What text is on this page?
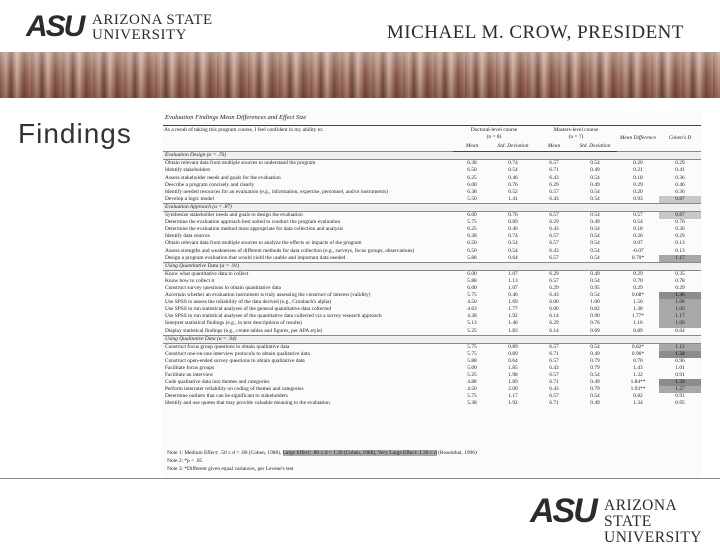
ASU ARIZONA STATE
UNIVERSITY	MICHAEL M. CROW, PRESIDENT
Findings
Evaluation Findings Mean Differences and Effect Size
As a result of taking this program course, I feel confident in my ability to:	Doctoral-level course
(n = 8)		Masters-level course
(n = 7)		Mean Difference	Cohen's D
	Mean	Std. Deviation	Mean	Std. Deviation		
Evaluation Design (α = .76)						
Obtain relevant data from multiple sources to understand the program	6.38	0.74	6.57	0.54	0.20	0.29
Identify stakeholders	6.50	0.54	6.71	0.49	0.21	0.41
Assess stakeholder needs and goals for the evaluation	6.25	0.46	6.43	0.54	0.18	0.36
Describe a program concisely and clearly	6.00	0.76	6.29	0.49	0.29	0.46
Identify needed resources for an evaluation (e.g., information, expertise, personnel, and/or instruments)	6.38	0.52	6.57	0.54	0.20	0.36
Develop a logic model	5.50	1.41	6.43	0.54	0.93	0.87
Evaluation Approach (α = .87)						
Synthesize stakeholder needs and goals to design the evaluation	6.00	0.76	6.57	0.54	0.57	0.87
Determine the evaluation approach best suited to conduct the program evaluation	5.75	0.89	6.29	0.49	0.54	0.76
Determine the evaluation method most appropriate for data collection and analysis	6.25	0.46	6.43	0.54	0.18	0.36
Identify data sources	6.38	0.74	6.57	0.54	0.20	0.29
Obtain relevant data from multiple sources to analyze the effects or impacts of the program	6.50	0.54	6.57	0.54	0.07	0.13
Assess strengths and weaknesses of different methods for data collection (e.g., surveys, focus groups, observations)	6.50	0.54	6.43	0.54	-0.07	0.13
Design a program evaluation that would yield the usable and important data needed	5.88	0.64	6.57	0.54	0.70*	1.17
Using Quantitative Data (α = .91)						
Know what quantitative data to collect	6.00	1.07	6.29	0.49	0.29	0.35
Know how to collect it	5.88	1.13	6.57	0.54	0.70	0.78
Construct survey questions to obtain quantitative data	6.00	1.07	6.29	0.95	0.29	0.29
Ascertain whether an evaluation instrument is truly assessing the construct of interest (validity)	5.75	0.46	6.43	0.54	0.68*	1.36
Use SPSS to assess the reliability of the data derived (e.g., Cronbach's alpha)	4.50	1.69	6.00	1.00	1.50	1.08
Use SPSS to run statistical analyses of the general quantitative data collected	4.63	1.77	6.00	0.82	1.38	1.00
Use SPSS to run statistical analyses of the quantitative data collected via a survey research approach	4.38	1.92	6.14	0.90	1.77*	1.17
Interpret statistical findings (e.g., in text descriptions of results)	5.13	1.46	6.29	0.76	1.16	1.00
Display statistical findings (e.g., create tables and figures, per APA style)	5.25	1.83	6.14	0.69	0.89	0.64
Using Qualitative Data (α = .94)						
Construct focus group questions to obtain qualitative data	5.75	0.89	6.57	0.54	0.82*	1.12
Construct one-on-one interview protocols to obtain qualitative data	5.75	0.89	6.71	0.49	0.96*	1.34
Construct open-ended survey questions to obtain qualitative data	5.88	0.64	6.57	0.79	0.70	0.96
Facilitate focus groups	5.00	1.85	6.43	0.79	1.43	1.01
Facilitate an interview	5.25	1.98	6.57	0.54	1.32	0.91
Code qualitative data into themes and categories	4.88	1.89	6.71	0.49	1.84**	1.33
Perform interrater reliability on coding of themes and categories	4.50	2.00	6.43	0.79	1.93**	1.27
Determine outliers that can be significant to stakeholders	5.75	1.17	6.57	0.54	0.82	0.91
Identify and use quotes that may provide valuable meaning to the evaluation	5.38	1.92	6.71	0.49	1.34	0.95
Note 1: Medium Effect: .50 ≤ d < .80 (Cohen, 1988), Large Effect: .80 ≤ d < 1.30 (Cohen, 1988), Very Large Effect: 1.30 ≤ d (Rosenthal, 1996)
Note 2: *p < .05
Note 3: *Different given equal variances, per Levene's test
ASU ARIZONA STATE
UNIVERSITY
